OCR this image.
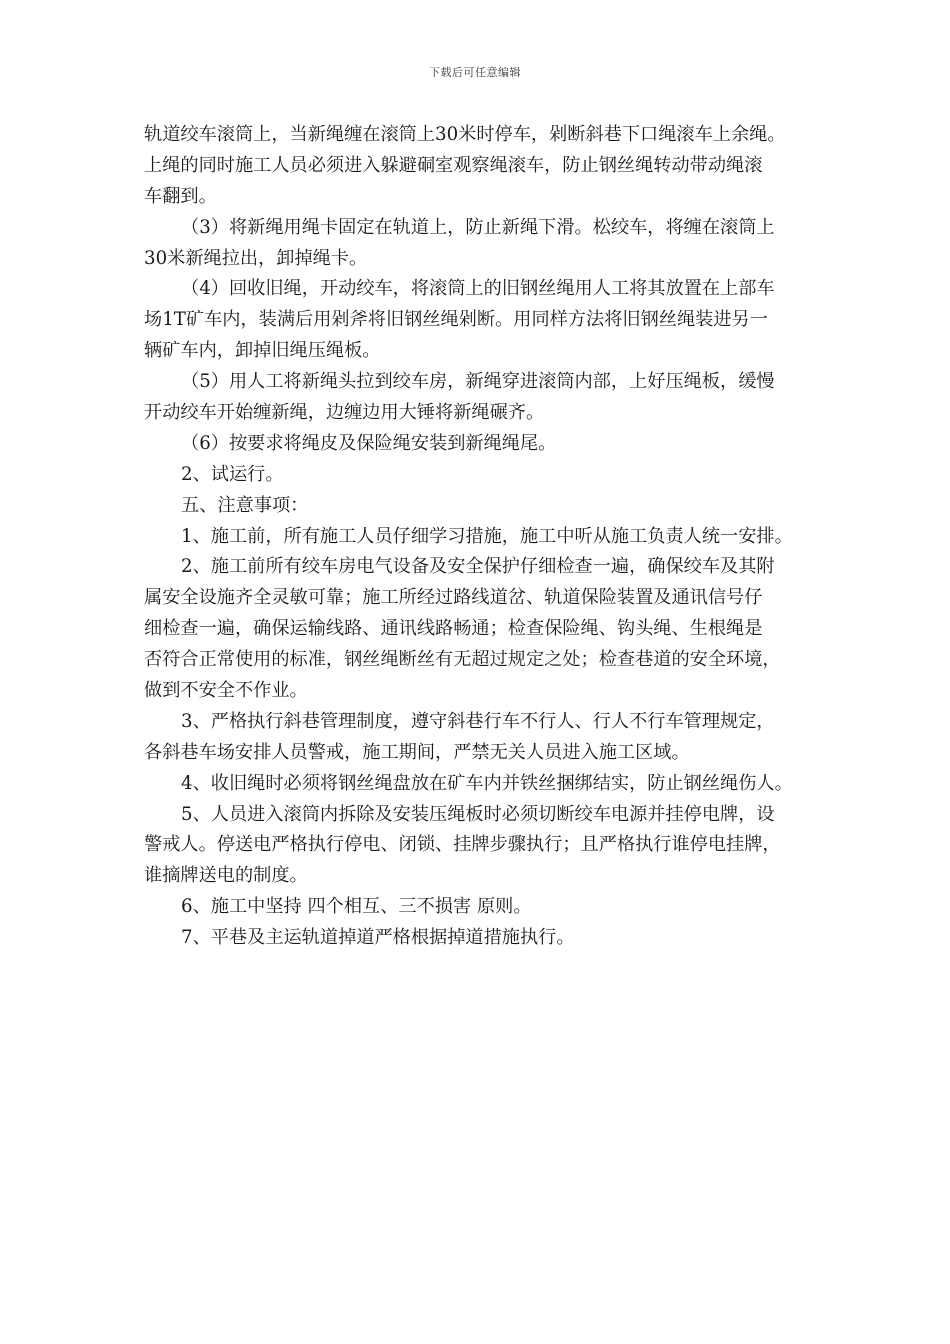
下载后可任意编辑
轨道绞车滚筒上，当新绳缠在滚筒上30米时停车，剁断斜巷下口绳滚车上余绳。
上绳的同时施工人员必须进入躲避硐室观察绳滚车，防止钢丝绳转动带动绳滚
车翻到。
（3）将新绳用绳卡固定在轨道上，防止新绳下滑。松绞车，将缠在滚筒上
30米新绳拉出，卸掉绳卡。
（4）回收旧绳，开动绞车，将滚筒上的旧钢丝绳用人工将其放置在上部车
场1T矿车内，装满后用剁斧将旧钢丝绳剁断。用同样方法将旧钢丝绳装进另一
辆矿车内，卸掉旧绳压绳板。
（5）用人工将新绳头拉到绞车房，新绳穿进滚筒内部，上好压绳板，缓慢
开动绞车开始缠新绳，边缠边用大锤将新绳碾齐。
（6）按要求将绳皮及保险绳安装到新绳绳尾。
2、试运行。
五、注意事项：
1、施工前，所有施工人员仔细学习措施，施工中听从施工负责人统一安排。
2、施工前所有绞车房电气设备及安全保护仔细检查一遍，确保绞车及其附
属安全设施齐全灵敏可靠；施工所经过路线道岔、轨道保险装置及通讯信号仔
细检查一遍，确保运输线路、通讯线路畅通；检查保险绳、钩头绳、生根绳是
否符合正常使用的标准，钢丝绳断丝有无超过规定之处；检查巷道的安全环境，
做到不安全不作业。
3、严格执行斜巷管理制度，遵守斜巷行车不行人、行人不行车管理规定，
各斜巷车场安排人员警戒，施工期间，严禁无关人员进入施工区域。
4、收旧绳时必须将钢丝绳盘放在矿车内并铁丝捆绑结实，防止钢丝绳伤人。
5、人员进入滚筒内拆除及安装压绳板时必须切断绞车电源并挂停电牌，设
警戒人。停送电严格执行停电、闭锁、挂牌步骤执行；且严格执行谁停电挂牌，
谁摘牌送电的制度。
6、施工中坚持 四个相互、三不损害 原则。
7、平巷及主运轨道掉道严格根据掉道措施执行。
